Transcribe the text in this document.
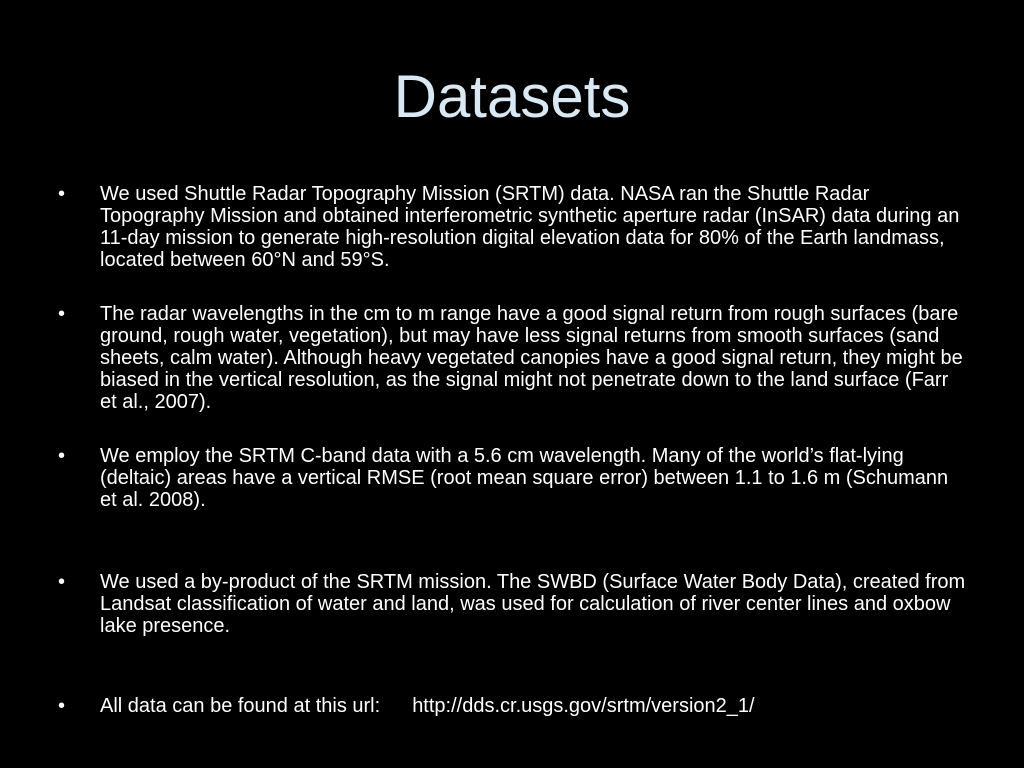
Datasets
•	We used Shuttle Radar Topography Mission (SRTM) data. NASA ran the Shuttle Radar Topography Mission and obtained interferometric synthetic aperture radar (InSAR) data during an 11-day mission to generate high-resolution digital elevation data for 80% of the Earth landmass, located between 60°N and 59°S.
•	The radar wavelengths in the cm to m range have a good signal return from rough surfaces (bare ground, rough water, vegetation), but may have less signal returns from smooth surfaces (sand sheets, calm water). Although heavy vegetated canopies have a good signal return, they might be biased in the vertical resolution, as the signal might not penetrate down to the land surface (Farr et al., 2007).
•	We employ the SRTM C-band data with a 5.6 cm wavelength. Many of the world’s flat-lying (deltaic) areas have a vertical RMSE (root mean square error) between 1.1 to 1.6 m (Schumann et al. 2008).
•	We used a by-product of the SRTM mission. The SWBD (Surface Water Body Data), created from Landsat classification of water and land, was used for calculation of river center lines and oxbow lake presence.
•	All data can be found at this url: http://dds.cr.usgs.gov/srtm/version2_1/
